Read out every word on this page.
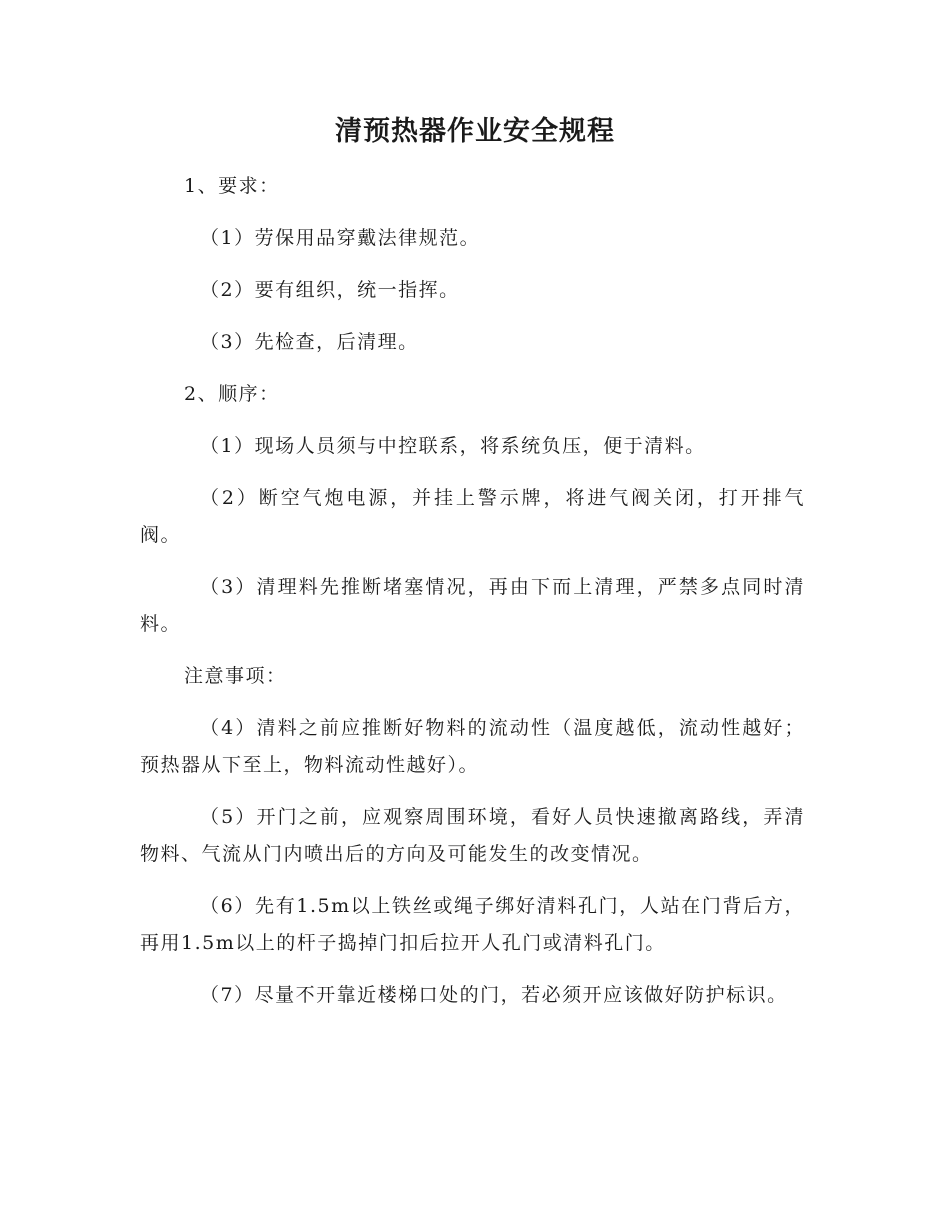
清预热器作业安全规程

1、要求：

（1）劳保用品穿戴法律规范。

（2）要有组织，统一指挥。

（3）先检查，后清理。

2、顺序：

（1）现场人员须与中控联系，将系统负压，便于清料。

（2）断空气炮电源，并挂上警示牌，将进气阀关闭，打开排气阀。

（3）清理料先推断堵塞情况，再由下而上清理，严禁多点同时清料。

注意事项：

（4）清料之前应推断好物料的流动性（温度越低，流动性越好；预热器从下至上，物料流动性越好）。

（5）开门之前，应观察周围环境，看好人员快速撤离路线，弄清物料、气流从门内喷出后的方向及可能发生的改变情况。

（6）先有1.5m以上铁丝或绳子绑好清料孔门，人站在门背后方，再用1.5m以上的杆子捣掉门扣后拉开人孔门或清料孔门。

（7）尽量不开靠近楼梯口处的门，若必须开应该做好防护标识。
